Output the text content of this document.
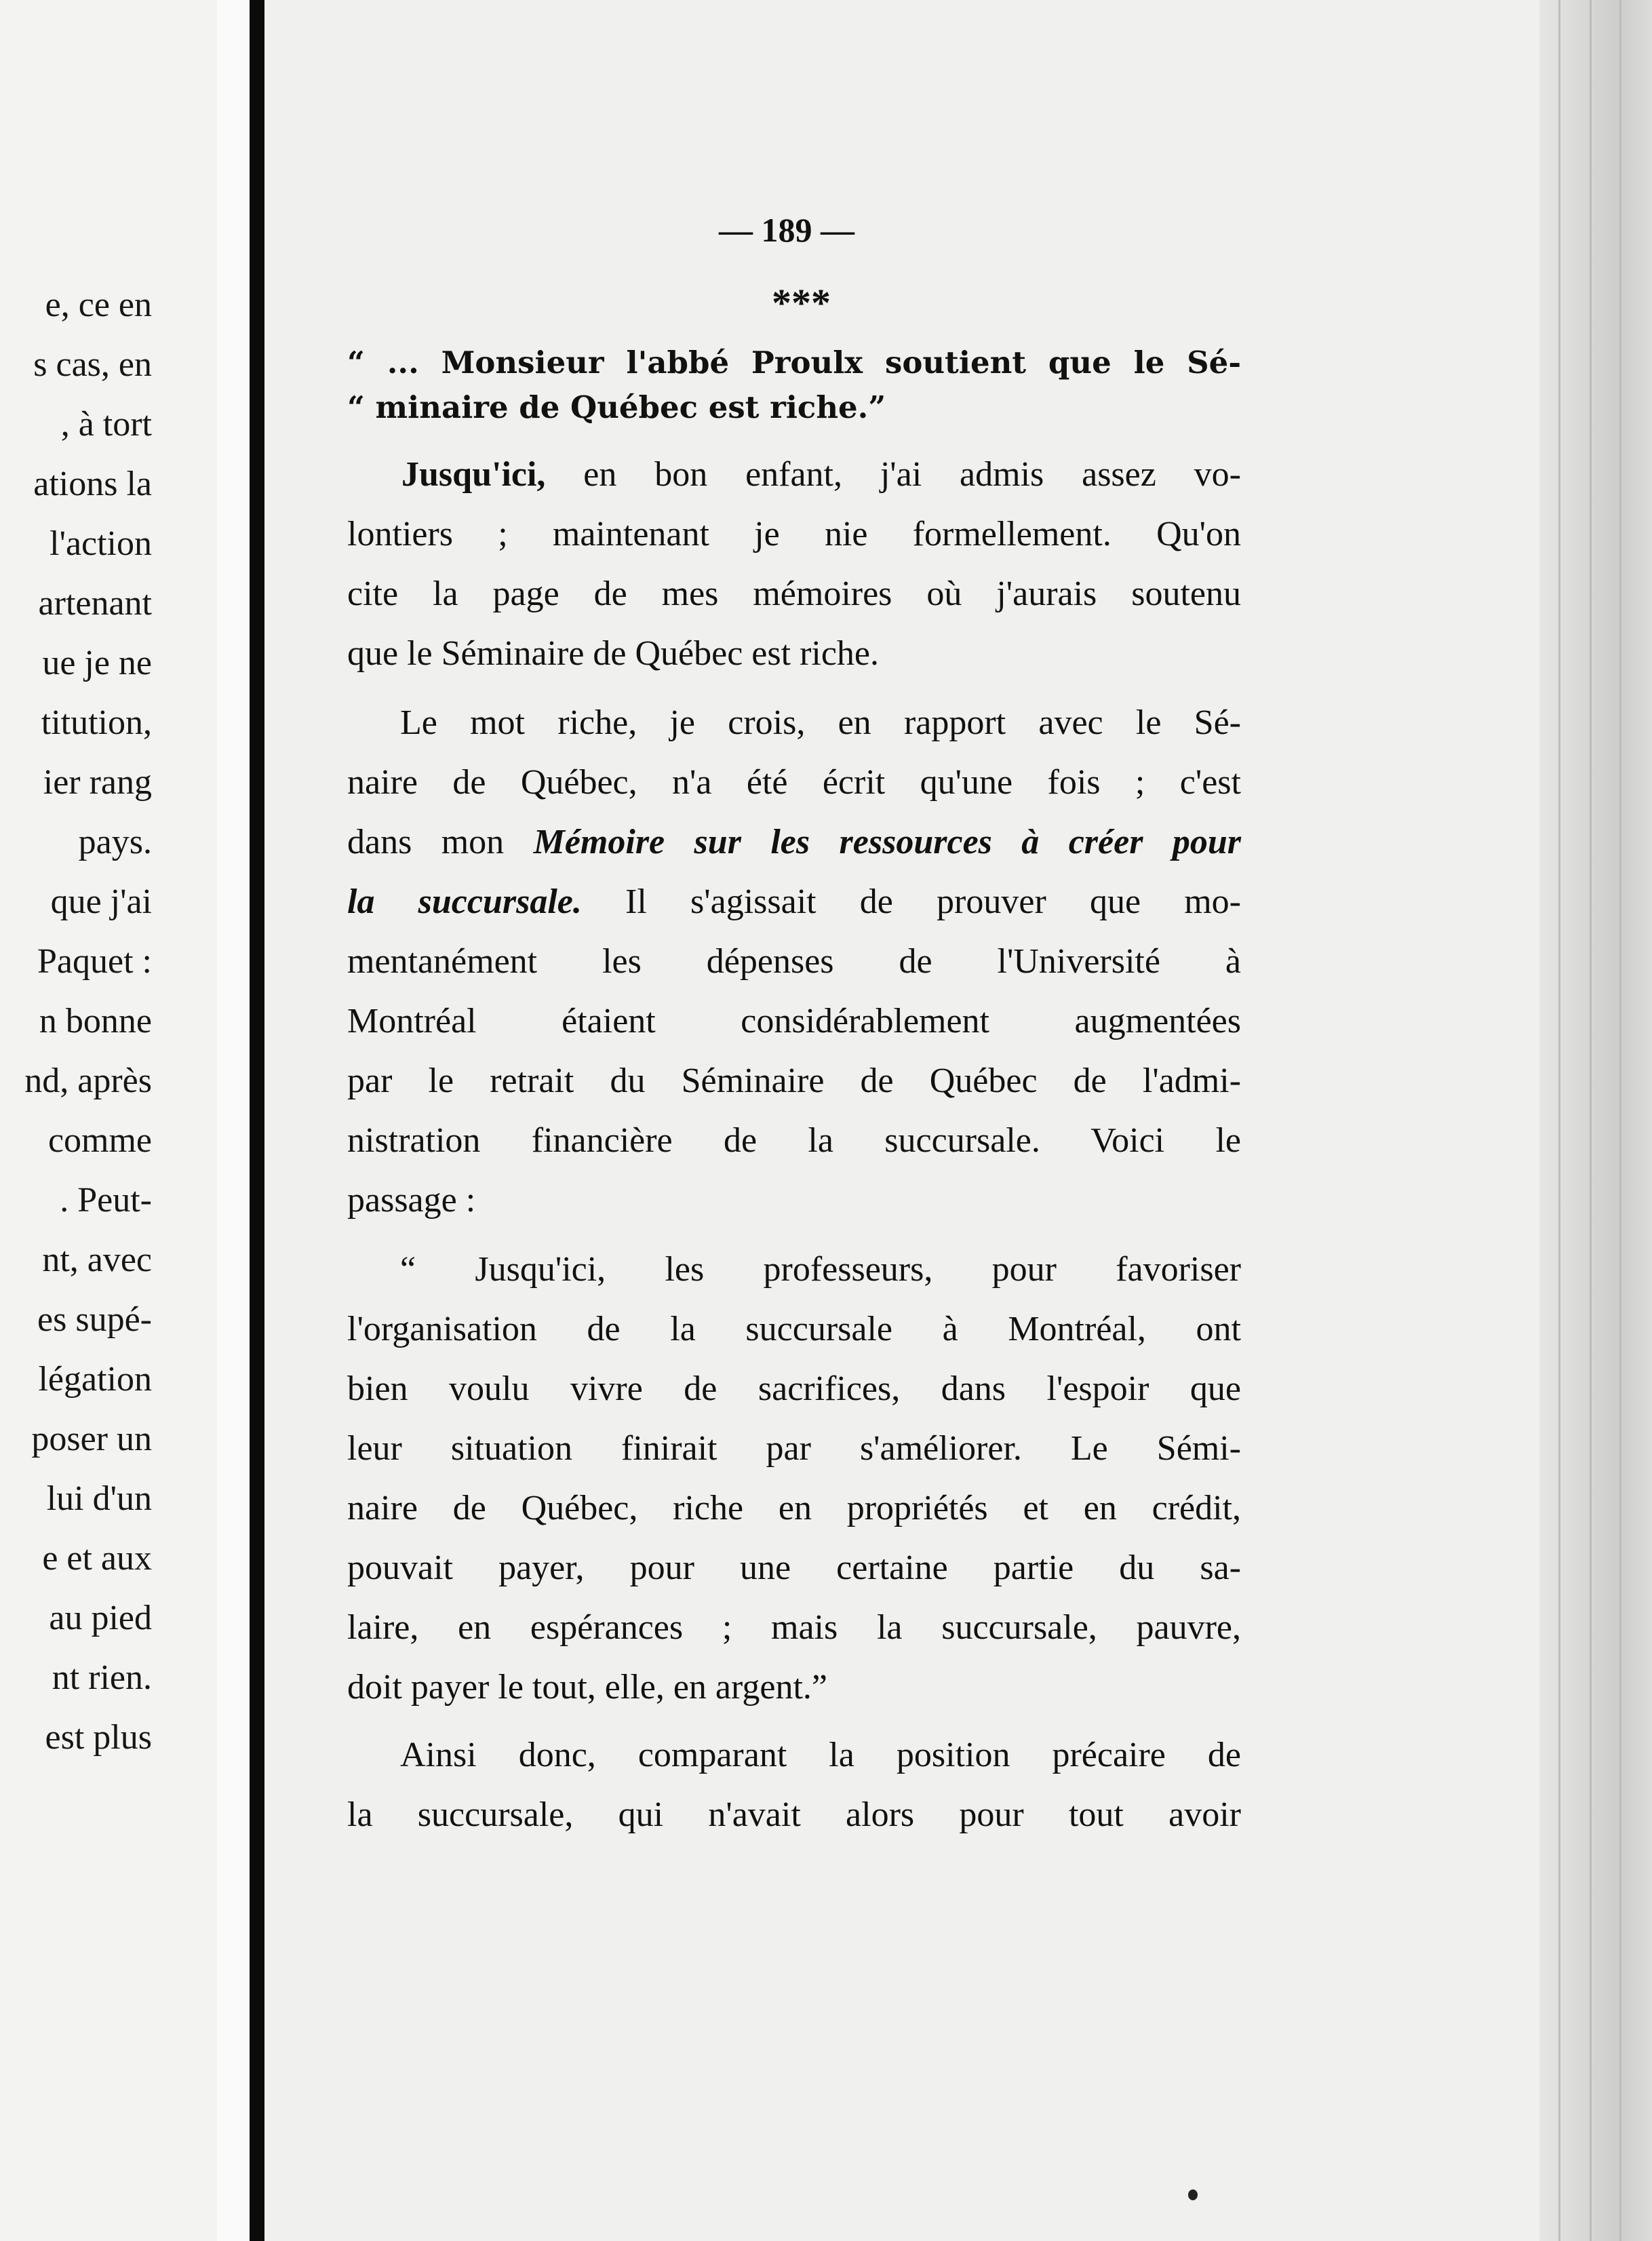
e, ce en
s cas, en
, à tort
ations la
l'action
artenant
ue je ne
titution,
ier rang
pays.
que j'ai
Paquet :
n bonne
nd, après
comme
. Peut-
nt, avec
es supé-
légation
poser un
lui d'un
e et aux
au pied
nt rien.
est plus
— 189 —
***
“ ... Monsieur l'abbé Proulx soutient que le Sé-
“ minaire de Québec est riche.”
Jusqu'ici, en bon enfant, j'ai admis assez vo-
lontiers ; maintenant je nie formellement. Qu'on
cite la page de mes mémoires où j'aurais soutenu
que le Séminaire de Québec est riche.
Le mot riche, je crois, en rapport avec le Sé-
naire de Québec, n'a été écrit qu'une fois ; c'est
dans mon Mémoire sur les ressources à créer pour
la succursale. Il s'agissait de prouver que mo-
mentanément les dépenses de l'Université à
Montréal étaient considérablement augmentées
par le retrait du Séminaire de Québec de l'admi-
nistration financière de la succursale. Voici le
passage :
“ Jusqu'ici, les professeurs, pour favoriser
l'organisation de la succursale à Montréal, ont
bien voulu vivre de sacrifices, dans l'espoir que
leur situation finirait par s'améliorer. Le Sémi-
naire de Québec, riche en propriétés et en crédit,
pouvait payer, pour une certaine partie du sa-
laire, en espérances ; mais la succursale, pauvre,
doit payer le tout, elle, en argent.”
Ainsi donc, comparant la position précaire de
la succursale, qui n'avait alors pour tout avoir
